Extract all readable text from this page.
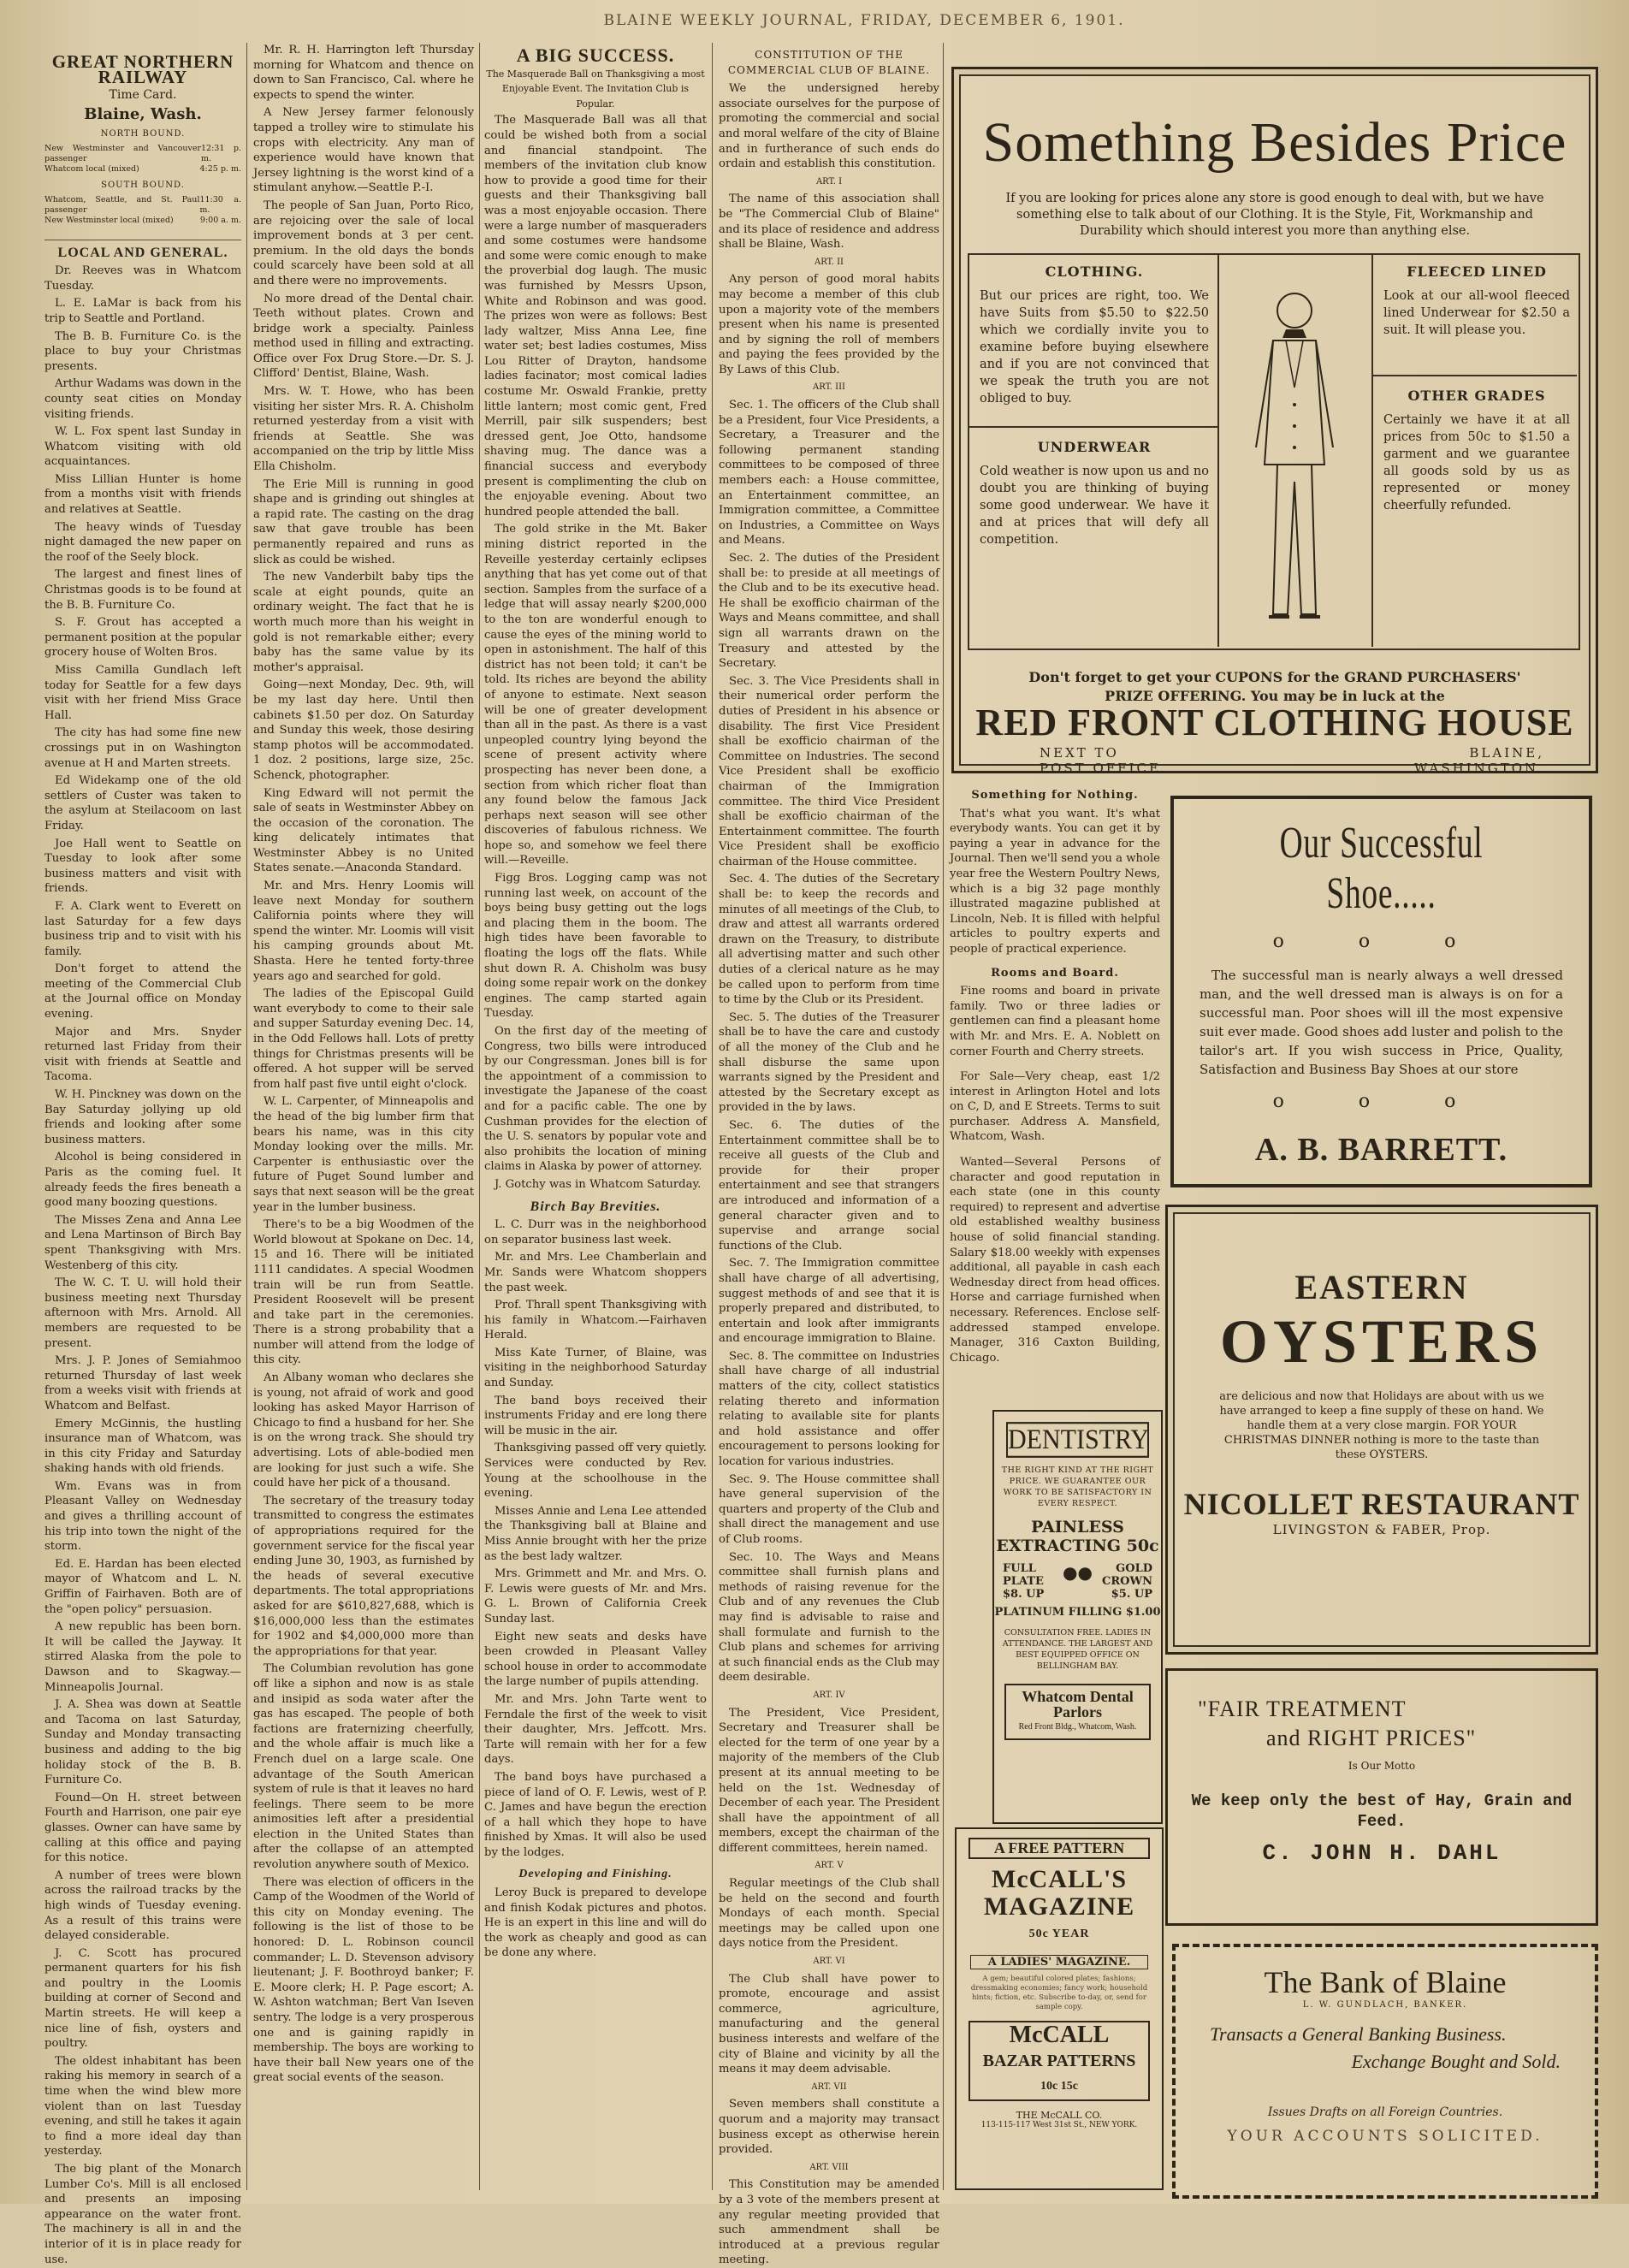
BLAINE WEEKLY JOURNAL, FRIDAY, DECEMBER 6, 1901.
GREAT NORTHERN RAILWAY

Time Card.

Blaine, Wash.

NORTH BOUND.
New Westminster and Vancouver passenger
12:31 p. m.
Whatcom local (mixed)	4:25 p. m.
SOUTH BOUND.
Whatcom, Seattle, and St. Paul passenger
11:30 a. m.
New Westminster local (mixed)	9:00 a. m.
LOCAL AND GENERAL.

Dr. Reeves was in Whatcom Tuesday.

L. E. LaMar is back from his trip to Seattle and Portland.

The B. B. Furniture Co. is the place to buy your Christmas presents.

Arthur Wadams was down in the county seat cities on Monday visiting friends.

W. L. Fox spent last Sunday in Whatcom visiting with old acquaintances.

Miss Lillian Hunter is home from a months visit with friends and relatives at Seattle.

The heavy winds of Tuesday night damaged the new paper on the roof of the Seely block.

The largest and finest lines of Christmas goods is to be found at the B. B. Furniture Co.

S. F. Grout has accepted a permanent position at the popular grocery house of Wolten Bros.

Miss Camilla Gundlach left today for Seattle for a few days visit with her friend Miss Grace Hall.

The city has had some fine new crossings put in on Washington avenue at H and Marten streets.

Ed Widekamp one of the old settlers of Custer was taken to the asylum at Steilacoom on last Friday.

Joe Hall went to Seattle on Tuesday to look after some business matters and visit with friends.

F. A. Clark went to Everett on last Saturday for a few days business trip and to visit with his family.

Don't forget to attend the meeting of the Commercial Club at the Journal office on Monday evening.

Major and Mrs. Snyder returned last Friday from their visit with friends at Seattle and Tacoma.

W. H. Pinckney was down on the Bay Saturday jollying up old friends and looking after some business matters.

Alcohol is being considered in Paris as the coming fuel. It already feeds the fires beneath a good many boozing questions.

The Misses Zena and Anna Lee and Lena Martinson of Birch Bay spent Thanksgiving with Mrs. Westenberg of this city.

The W. C. T. U. will hold their business meeting next Thursday afternoon with Mrs. Arnold. All members are requested to be present.

Mrs. J. P. Jones of Semiahmoo returned Thursday of last week from a weeks visit with friends at Whatcom and Belfast.

Emery McGinnis, the hustling insurance man of Whatcom, was in this city Friday and Saturday shaking hands with old friends.

Wm. Evans was in from Pleasant Valley on Wednesday and gives a thrilling account of his trip into town the night of the storm.

Ed. E. Hardan has been elected mayor of Whatcom and L. N. Griffin of Fairhaven. Both are of the "open policy" persuasion.

A new republic has been born. It will be called the Jayway. It stirred Alaska from the pole to Dawson and to Skagway.—Minneapolis Journal.

J. A. Shea was down at Seattle and Tacoma on last Saturday, Sunday and Monday transacting business and adding to the big holiday stock of the B. B. Furniture Co.

Found—On H. street between Fourth and Harrison, one pair eye glasses. Owner can have same by calling at this office and paying for this notice.

A number of trees were blown across the railroad tracks by the high winds of Tuesday evening. As a result of this trains were delayed considerable.

J. C. Scott has procured permanent quarters for his fish and poultry in the Loomis building at corner of Second and Martin streets. He will keep a nice line of fish, oysters and poultry.

The oldest inhabitant has been raking his memory in search of a time when the wind blew more violent than on last Tuesday evening, and still he takes it again to find a more ideal day than yesterday.

The big plant of the Monarch Lumber Co's. Mill is all enclosed and presents an imposing appearance on the water front. The machinery is all in and the interior of it is in place ready for use.

Mr. R. H. Harrington left Thursday morning for Whatcom and thence on down to San Francisco, Cal. where he expects to spend the winter.

A New Jersey farmer felonously tapped a trolley wire to stimulate his crops with electricity. Any man of experience would have known that Jersey lightning is the worst kind of a stimulant anyhow.—Seattle P.-I.

The people of San Juan, Porto Rico, are rejoicing over the sale of local improvement bonds at 3 per cent. premium. In the old days the bonds could scarcely have been sold at all and there were no improvements.

No more dread of the Dental chair. Teeth without plates. Crown and bridge work a specialty. Painless method used in filling and extracting. Office over Fox Drug Store.—Dr. S. J. Clifford' Dentist, Blaine, Wash.

Mrs. W. T. Howe, who has been visiting her sister Mrs. R. A. Chisholm returned yesterday from a visit with friends at Seattle. She was accompanied on the trip by little Miss Ella Chisholm.

The Erie Mill is running in good shape and is grinding out shingles at a rapid rate. The casting on the drag saw that gave trouble has been permanently repaired and runs as slick as could be wished.

The new Vanderbilt baby tips the scale at eight pounds, quite an ordinary weight. The fact that he is worth much more than his weight in gold is not remarkable either; every baby has the same value by its mother's appraisal.

Going—next Monday, Dec. 9th, will be my last day here. Until then cabinets $1.50 per doz. On Saturday and Sunday this week, those desiring stamp photos will be accommodated. 1 doz. 2 positions, large size, 25c. Schenck, photographer.

King Edward will not permit the sale of seats in Westminster Abbey on the occasion of the coronation. The king delicately intimates that Westminster Abbey is no United States senate.—Anaconda Standard.

Mr. and Mrs. Henry Loomis will leave next Monday for southern California points where they will spend the winter. Mr. Loomis will visit his camping grounds about Mt. Shasta. Here he tented forty-three years ago and searched for gold.

The ladies of the Episcopal Guild want everybody to come to their sale and supper Saturday evening Dec. 14, in the Odd Fellows hall. Lots of pretty things for Christmas presents will be offered. A hot supper will be served from half past five until eight o'clock.

W. L. Carpenter, of Minneapolis and the head of the big lumber firm that bears his name, was in this city Monday looking over the mills. Mr. Carpenter is enthusiastic over the future of Puget Sound lumber and says that next season will be the great year in the lumber business.

There's to be a big Woodmen of the World blowout at Spokane on Dec. 14, 15 and 16. There will be initiated 1111 candidates. A special Woodmen train will be run from Seattle. President Roosevelt will be present and take part in the ceremonies. There is a strong probability that a number will attend from the lodge of this city.

An Albany woman who declares she is young, not afraid of work and good looking has asked Mayor Harrison of Chicago to find a husband for her. She is on the wrong track. She should try advertising. Lots of able-bodied men are looking for just such a wife. She could have her pick of a thousand.

The secretary of the treasury today transmitted to congress the estimates of appropriations required for the government service for the fiscal year ending June 30, 1903, as furnished by the heads of several executive departments. The total appropriations asked for are $610,827,688, which is $16,000,000 less than the estimates for 1902 and $4,000,000 more than the appropriations for that year.

The Columbian revolution has gone off like a siphon and now is as stale and insipid as soda water after the gas has escaped. The people of both factions are fraternizing cheerfully, and the whole affair is much like a French duel on a large scale. One advantage of the South American system of rule is that it leaves no hard feelings. There seem to be more animosities left after a presidential election in the United States than after the collapse of an attempted revolution anywhere south of Mexico.

There was election of officers in the Camp of the Woodmen of the World of this city on Monday evening. The following is the list of those to be honored: D. L. Robinson council commander; L. D. Stevenson advisory lieutenant; J. F. Boothroyd banker; F. E. Moore clerk; H. P. Page escort; A. W. Ashton watchman; Bert Van Iseven sentry. The lodge is a very prosperous one and is gaining rapidly in membership. The boys are working to have their ball New years one of the great social events of the season.

A BIG SUCCESS.

The Masquerade Ball on Thanksgiving a most Enjoyable Event. The Invitation Club is Popular.

The Masquerade Ball was all that could be wished both from a social and financial standpoint. The members of the invitation club know how to provide a good time for their guests and their Thanksgiving ball was a most enjoyable occasion. There were a large number of masqueraders and some costumes were handsome and some were comic enough to make the proverbial dog laugh. The music was furnished by Messrs Upson, White and Robinson and was good. The prizes won were as follows: Best lady waltzer, Miss Anna Lee, fine water set; best ladies costumes, Miss Lou Ritter of Drayton, handsome ladies facinator; most comical ladies costume Mr. Oswald Frankie, pretty little lantern; most comic gent, Fred Merrill, pair silk suspenders; best dressed gent, Joe Otto, handsome shaving mug. The dance was a financial success and everybody present is complimenting the club on the enjoyable evening. About two hundred people attended the ball.

The gold strike in the Mt. Baker mining district reported in the Reveille yesterday certainly eclipses anything that has yet come out of that section. Samples from the surface of a ledge that will assay nearly $200,000 to the ton are wonderful enough to cause the eyes of the mining world to open in astonishment. The half of this district has not been told; it can't be told. Its riches are beyond the ability of anyone to estimate. Next season will be one of greater development than all in the past. As there is a vast unpeopled country lying beyond the scene of present activity where prospecting has never been done, a section from which richer float than any found below the famous Jack perhaps next season will see other discoveries of fabulous richness. We hope so, and somehow we feel there will.—Reveille.

Figg Bros. Logging camp was not running last week, on account of the boys being busy getting out the logs and placing them in the boom. The high tides have been favorable to floating the logs off the flats. While shut down R. A. Chisholm was busy doing some repair work on the donkey engines. The camp started again Tuesday.

On the first day of the meeting of Congress, two bills were introduced by our Congressman. Jones bill is for the appointment of a commission to investigate the Japanese of the coast and for a pacific cable. The one by Cushman provides for the election of the U. S. senators by popular vote and also prohibits the location of mining claims in Alaska by power of attorney.

J. Gotchy was in Whatcom Saturday.

Birch Bay Brevities.

L. C. Durr was in the neighborhood on separator business last week.

Mr. and Mrs. Lee Chamberlain and Mr. Sands were Whatcom shoppers the past week.

Prof. Thrall spent Thanksgiving with his family in Whatcom.—Fairhaven Herald.

Miss Kate Turner, of Blaine, was visiting in the neighborhood Saturday and Sunday.

The band boys received their instruments Friday and ere long there will be music in the air.

Thanksgiving passed off very quietly. Services were conducted by Rev. Young at the schoolhouse in the evening.

Misses Annie and Lena Lee attended the Thanksgiving ball at Blaine and Miss Annie brought with her the prize as the best lady waltzer.

Mrs. Grimmett and Mr. and Mrs. O. F. Lewis were guests of Mr. and Mrs. G. L. Brown of California Creek Sunday last.

Eight new seats and desks have been crowded in Pleasant Valley school house in order to accommodate the large number of pupils attending.

Mr. and Mrs. John Tarte went to Ferndale the first of the week to visit their daughter, Mrs. Jeffcott. Mrs. Tarte will remain with her for a few days.

The band boys have purchased a piece of land of O. F. Lewis, west of P. C. James and have begun the erection of a hall which they hope to have finished by Xmas. It will also be used by the lodges.

Developing and Finishing.

Leroy Buck is prepared to develope and finish Kodak pictures and photos. He is an expert in this line and will do the work as cheaply and good as can be done any where.

CONSTITUTION OF THE COMMERCIAL CLUB OF BLAINE.

We the undersigned hereby associate ourselves for the purpose of promoting the commercial and social and moral welfare of the city of Blaine and in furtherance of such ends do ordain and establish this constitution.

ART. I

The name of this association shall be "The Commercial Club of Blaine" and its place of residence and address shall be Blaine, Wash.

ART. II

Any person of good moral habits may become a member of this club upon a majority vote of the members present when his name is presented and by signing the roll of members and paying the fees provided by the By Laws of this Club.

ART. III

Sec. 1. The officers of the Club shall be a President, four Vice Presidents, a Secretary, a Treasurer and the following permanent standing committees to be composed of three members each: a House committee, an Entertainment committee, an Immigration committee, a Committee on Industries, a Committee on Ways and Means.

Sec. 2. The duties of the President shall be: to preside at all meetings of the Club and to be its executive head. He shall be exofficio chairman of the Ways and Means committee, and shall sign all warrants drawn on the Treasury and attested by the Secretary.

Sec. 3. The Vice Presidents shall in their numerical order perform the duties of President in his absence or disability. The first Vice President shall be exofficio chairman of the Committee on Industries. The second Vice President shall be exofficio chairman of the Immigration committee. The third Vice President shall be exofficio chairman of the Entertainment committee. The fourth Vice President shall be exofficio chairman of the House committee.

Sec. 4. The duties of the Secretary shall be: to keep the records and minutes of all meetings of the Club, to draw and attest all warrants ordered drawn on the Treasury, to distribute all advertising matter and such other duties of a clerical nature as he may be called upon to perform from time to time by the Club or its President.

Sec. 5. The duties of the Treasurer shall be to have the care and custody of all the money of the Club and he shall disburse the same upon warrants signed by the President and attested by the Secretary except as provided in the by laws.

Sec. 6. The duties of the Entertainment committee shall be to receive all guests of the Club and provide for their proper entertainment and see that strangers are introduced and information of a general character given and to supervise and arrange social functions of the Club.

Sec. 7. The Immigration committee shall have charge of all advertising, suggest methods of and see that it is properly prepared and distributed, to entertain and look after immigrants and encourage immigration to Blaine.

Sec. 8. The committee on Industries shall have charge of all industrial matters of the city, collect statistics relating thereto and information relating to available site for plants and hold assistance and offer encouragement to persons looking for location for various industries.

Sec. 9. The House committee shall have general supervision of the quarters and property of the Club and shall direct the management and use of Club rooms.

Sec. 10. The Ways and Means committee shall furnish plans and methods of raising revenue for the Club and of any revenues the Club may find is advisable to raise and shall formulate and furnish to the Club plans and schemes for arriving at such financial ends as the Club may deem desirable.

ART. IV

The President, Vice President, Secretary and Treasurer shall be elected for the term of one year by a majority of the members of the Club present at its annual meeting to be held on the 1st. Wednesday of December of each year. The President shall have the appointment of all members, except the chairman of the different committees, herein named.

ART. V

Regular meetings of the Club shall be held on the second and fourth Mondays of each month. Special meetings may be called upon one days notice from the President.

ART. VI

The Club shall have power to promote, encourage and assist commerce, agriculture, manufacturing and the general business interests and welfare of the city of Blaine and vicinity by all the means it may deem advisable.

ART. VII

Seven members shall constitute a quorum and a majority may transact business except as otherwise herein provided.

ART. VIII

This Constitution may be amended by a 3 vote of the members present at any regular meeting provided that such ammendment shall be introduced at a previous regular meeting.

Something for Nothing.

That's what you want. It's what everybody wants. You can get it by paying a year in advance for the Journal. Then we'll send you a whole year free the Western Poultry News, which is a big 32 page monthly illustrated magazine published at Lincoln, Neb. It is filled with helpful articles to poultry experts and people of practical experience.

Rooms and Board.

Fine rooms and board in private family. Two or three ladies or gentlemen can find a pleasant home with Mr. and Mrs. E. A. Noblett on corner Fourth and Cherry streets.

For Sale—Very cheap, east 1/2 interest in Arlington Hotel and lots on C, D, and E Streets. Terms to suit purchaser. Address A. Mansfield, Whatcom, Wash.

Wanted—Several Persons of character and good reputation in each state (one in this county required) to represent and advertise old established wealthy business house of solid financial standing. Salary $18.00 weekly with expenses additional, all payable in cash each Wednesday direct from head offices. Horse and carriage furnished when necessary. References. Enclose self-addressed stamped envelope. Manager, 316 Caxton Building, Chicago.

Something Besides Price
If you are looking for prices alone any store is good enough to deal with, but we have something else to talk about of our Clothing. It is the Style, Fit, Workmanship and Durability which should interest you more than anything else.
CLOTHING.
But our prices are right, too. We have Suits from $5.50 to $22.50 which we cordially invite you to examine before buying elsewhere and if you are not convinced that we speak the truth you are not obliged to buy.
UNDERWEAR
Cold weather is now upon us and no doubt you are thinking of buying some good underwear. We have it and at prices that will defy all competition.
FLEECED LINED
Look at our all-wool fleeced lined Underwear for $2.50 a suit. It will please you.
OTHER GRADES
Certainly we have it at all prices from 50c to $1.50 a garment and we guarantee all goods sold by us as represented or money cheerfully refunded.
Don't forget to get your CUPONS for the GRAND PURCHASERS'
PRIZE OFFERING. You may be in luck at the
RED FRONT CLOTHING HOUSE
NEXT TO
POST OFFICE
BLAINE,
WASHINGTON.
Our Successful Shoe.....
o o o
The successful man is nearly always a well dressed man, and the well dressed man is always is on for a successful man. Poor shoes will ill the most expensive suit ever made. Good shoes add luster and polish to the tailor's art. If you wish success in Price, Quality, Satisfaction and Business Bay Shoes at our store
o o o
A. B. BARRETT.
EASTERN
OYSTERS
are delicious and now that Holidays are about with us we have arranged to keep a fine supply of these on hand. We handle them at a very close margin. FOR YOUR CHRISTMAS DINNER nothing is more to the taste than these OYSTERS.
NICOLLET RESTAURANT
LIVINGSTON & FABER, Prop.
"FAIR TREATMENT
and RIGHT PRICES"
Is Our Motto
We keep only the best of Hay, Grain and Feed.
C. JOHN H. DAHL
The Bank of Blaine
L. W. GUNDLACH, BANKER.
Transacts a General Banking Business.
Exchange Bought and Sold.
Issues Drafts on all Foreign Countries.
YOUR ACCOUNTS SOLICITED.
DENTISTRY
THE RIGHT KIND AT THE RIGHT PRICE. WE GUARANTEE OUR WORK TO BE SATISFACTORY IN EVERY RESPECT.
PAINLESS EXTRACTING 50c
FULL PLATE $8. UP
●●	GOLD CROWN $5. UP
PLATINUM FILLING $1.00
CONSULTATION FREE. LADIES IN ATTENDANCE. THE LARGEST AND BEST EQUIPPED OFFICE ON BELLINGHAM BAY.
Whatcom Dental Parlors
Red Front Bldg., Whatcom, Wash.
A FREE PATTERN
McCALL'S
MAGAZINE
50c YEAR
A LADIES' MAGAZINE.
A gem; beautiful colored plates; fashions; dressmaking economies; fancy work; household hints; fiction, etc. Subscribe to-day, or, send for sample copy.
McCALL
BAZAR PATTERNS
10c 15c
THE McCALL CO.
113-115-117 West 31st St., NEW YORK.
